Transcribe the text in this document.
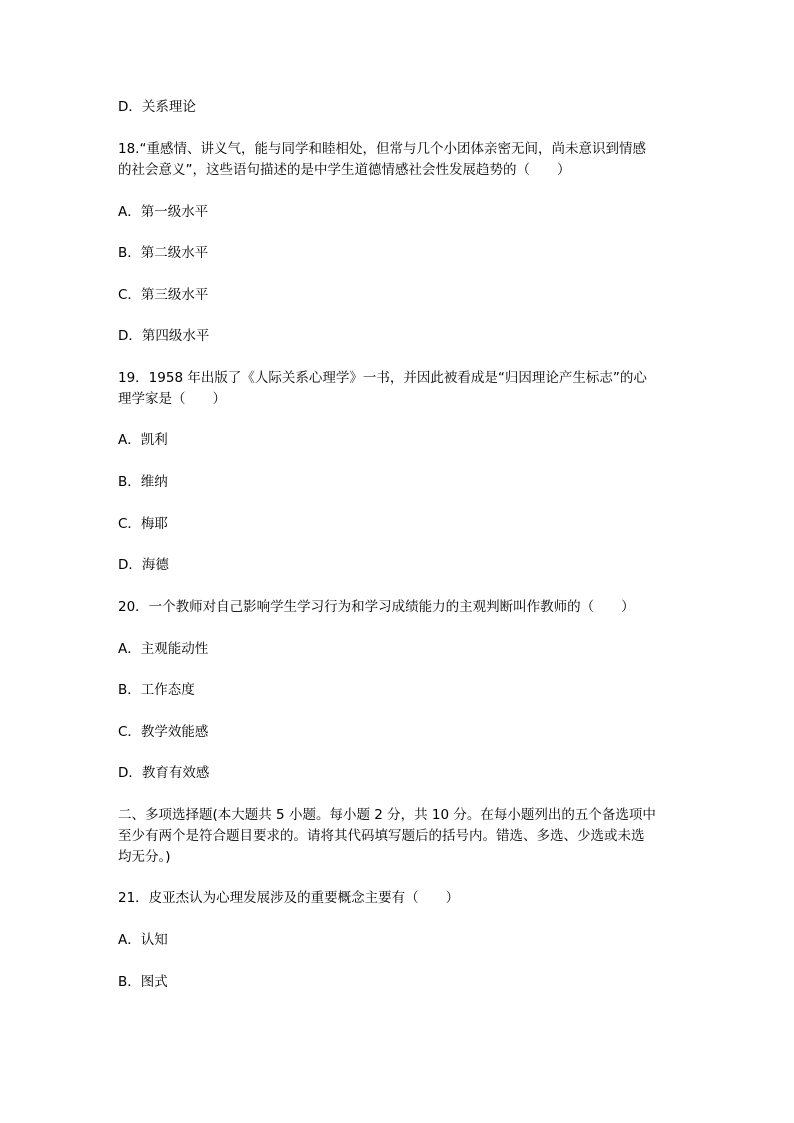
D．关系理论
18.“重感情、讲义气，能与同学和睦相处，但常与几个小团体亲密无间，尚未意识到情感
的社会意义”，这些语句描述的是中学生道德情感社会性发展趋势的（　　）
A．第一级水平
B．第二级水平
C．第三级水平
D．第四级水平
19．1958 年出版了《人际关系心理学》一书，并因此被看成是“归因理论产生标志”的心
理学家是（　　）
A．凯利
B．维纳
C．梅耶
D．海德
20．一个教师对自己影响学生学习行为和学习成绩能力的主观判断叫作教师的（　　）
A．主观能动性
B．工作态度
C．教学效能感
D．教育有效感
二、多项选择题(本大题共 5 小题。每小题 2 分，共 10 分。在每小题列出的五个备选项中
至少有两个是符合题目要求的。请将其代码填写题后的括号内。错选、多选、少选或未选
均无分。)
21．皮亚杰认为心理发展涉及的重要概念主要有（　　）
A．认知
B．图式
